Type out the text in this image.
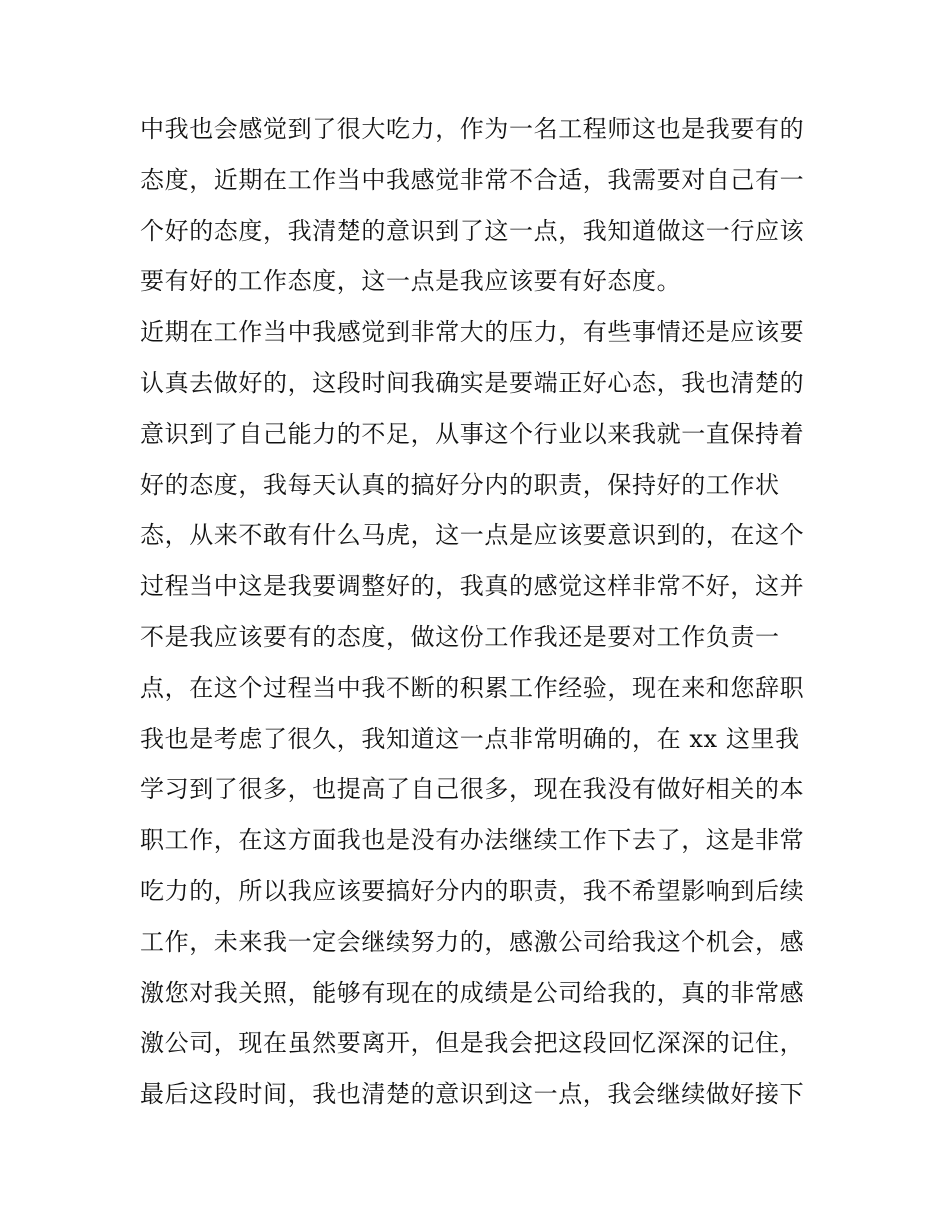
中我也会感觉到了很大吃力，作为一名工程师这也是我要有的
态度，近期在工作当中我感觉非常不合适，我需要对自己有一
个好的态度，我清楚的意识到了这一点，我知道做这一行应该
要有好的工作态度，这一点是我应该要有好态度。
近期在工作当中我感觉到非常大的压力，有些事情还是应该要
认真去做好的，这段时间我确实是要端正好心态，我也清楚的
意识到了自己能力的不足，从事这个行业以来我就一直保持着
好的态度，我每天认真的搞好分内的职责，保持好的工作状
态，从来不敢有什么马虎，这一点是应该要意识到的，在这个
过程当中这是我要调整好的，我真的感觉这样非常不好，这并
不是我应该要有的态度，做这份工作我还是要对工作负责一
点，在这个过程当中我不断的积累工作经验，现在来和您辞职
我也是考虑了很久，我知道这一点非常明确的，在 xx 这里我
学习到了很多，也提高了自己很多，现在我没有做好相关的本
职工作，在这方面我也是没有办法继续工作下去了，这是非常
吃力的，所以我应该要搞好分内的职责，我不希望影响到后续
工作，未来我一定会继续努力的，感激公司给我这个机会，感
激您对我关照，能够有现在的成绩是公司给我的，真的非常感
激公司，现在虽然要离开，但是我会把这段回忆深深的记住，
最后这段时间，我也清楚的意识到这一点，我会继续做好接下
